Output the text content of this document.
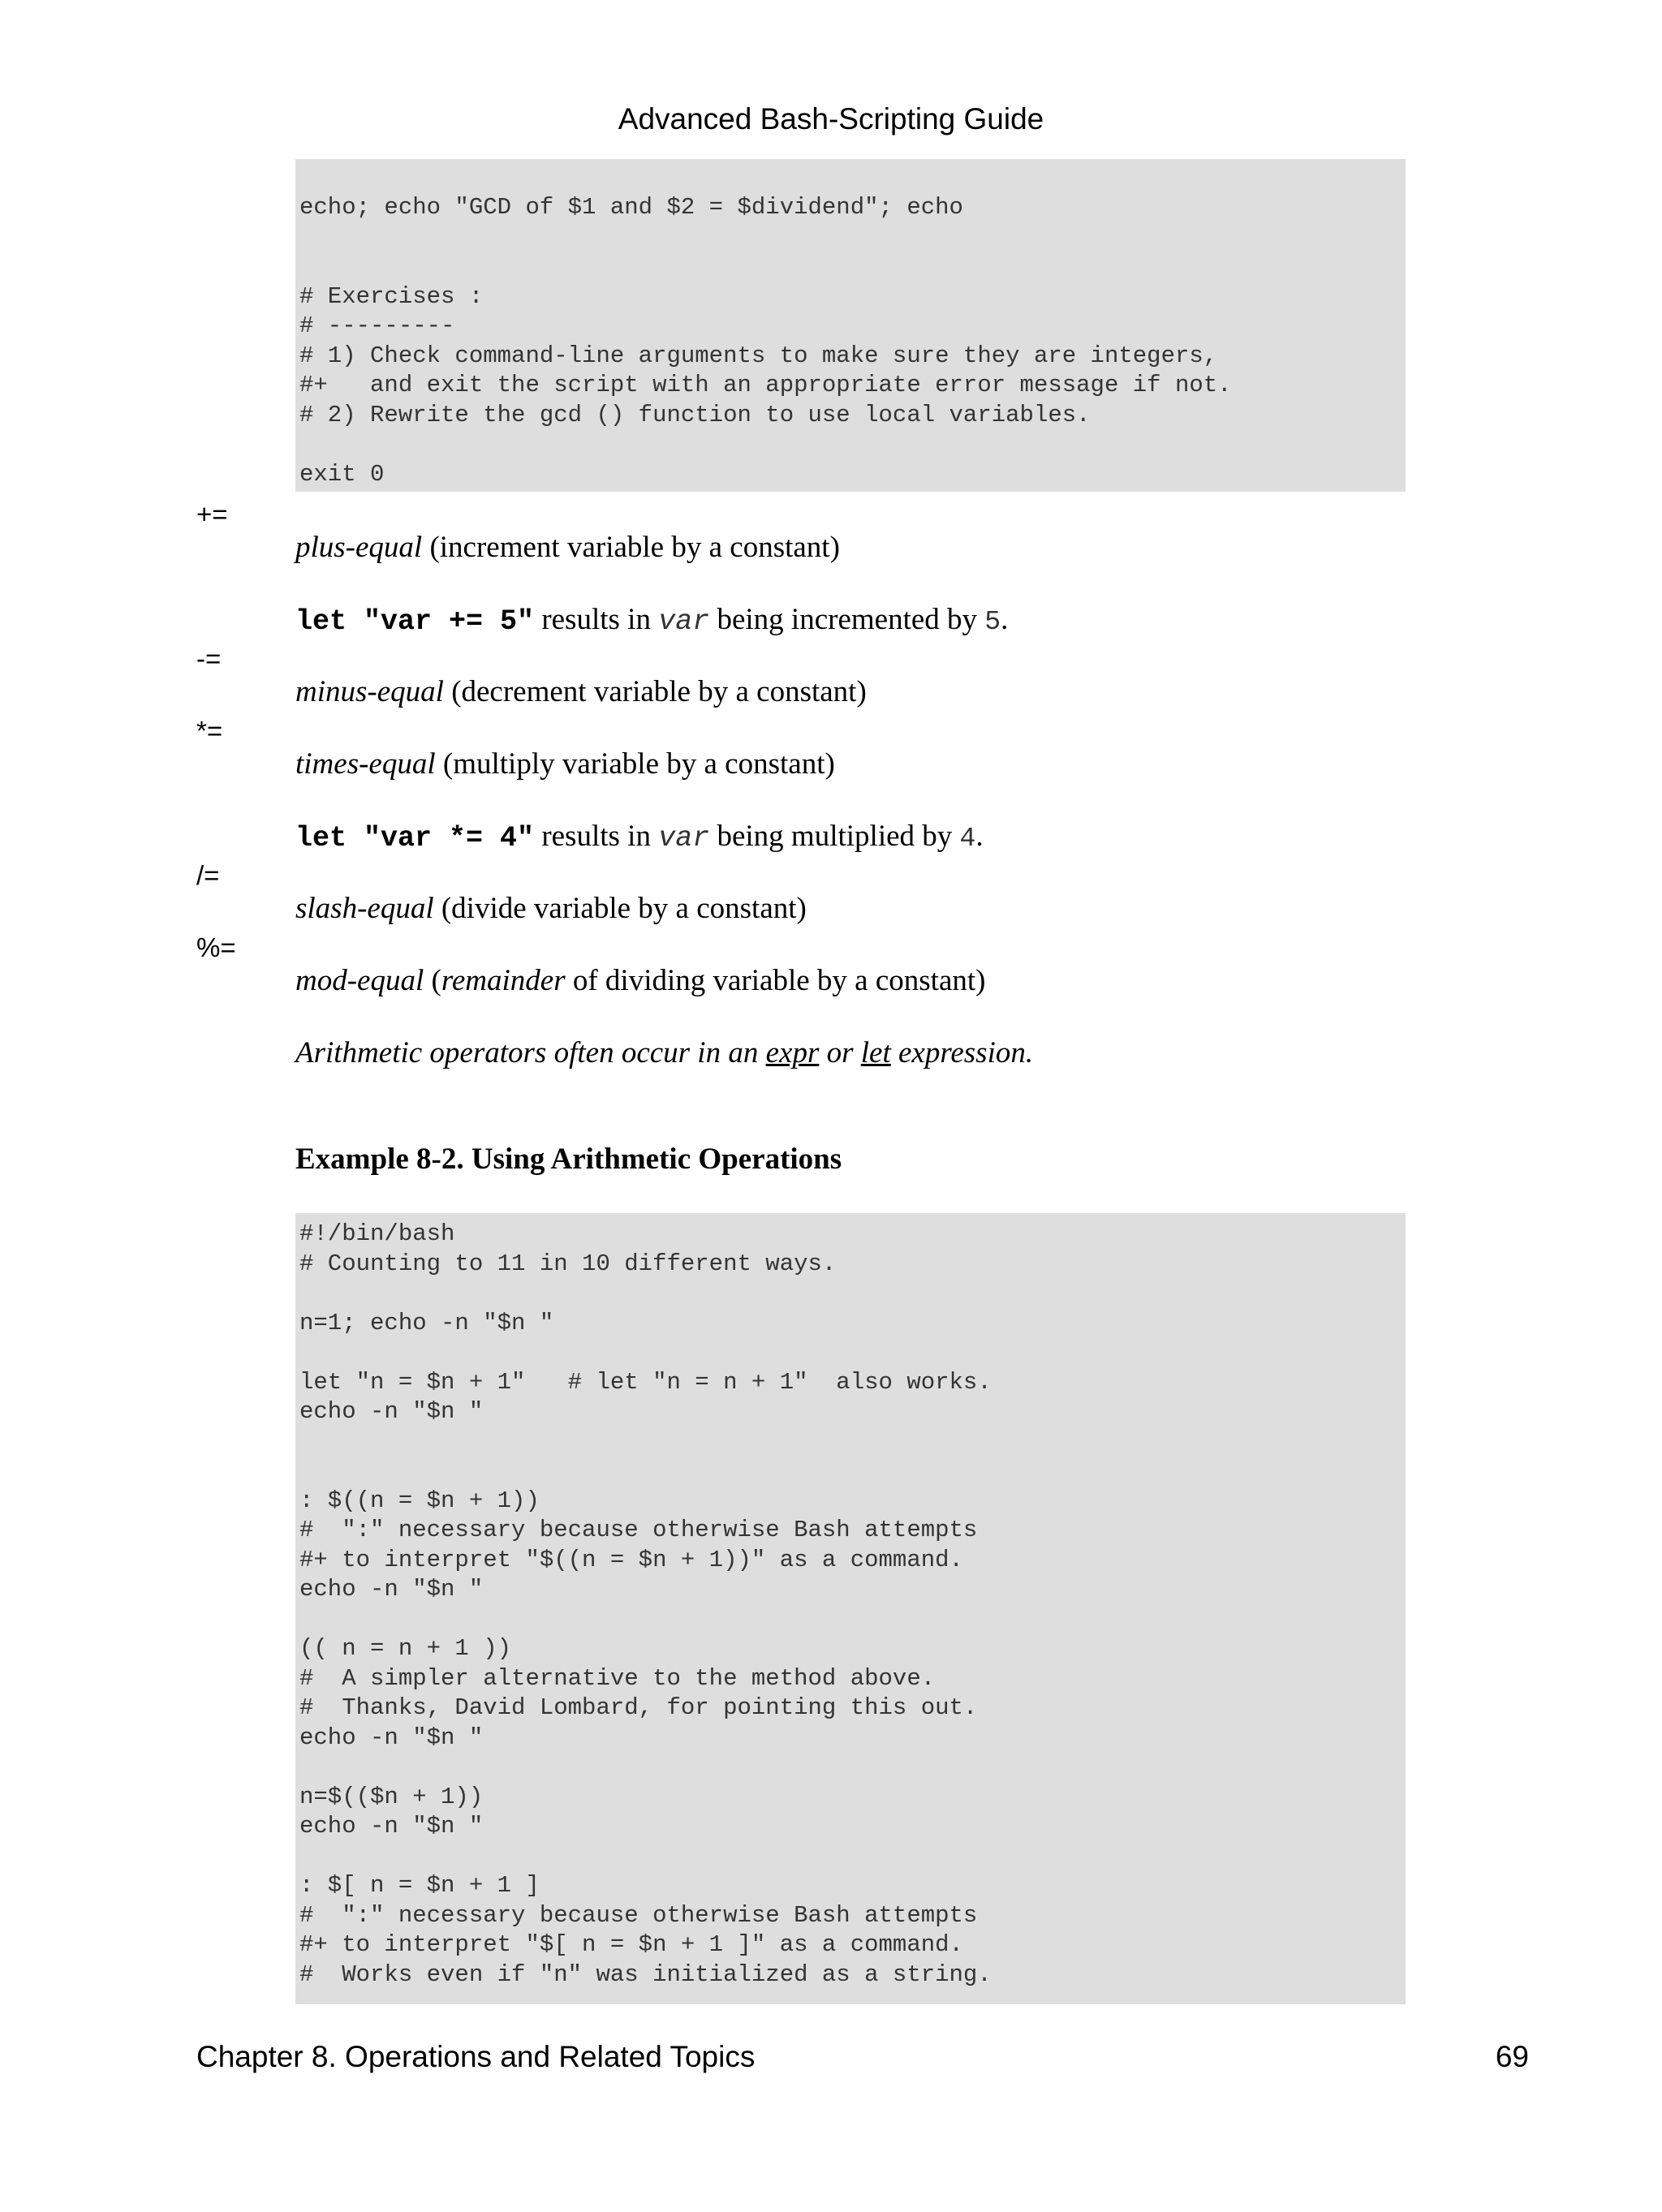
Advanced Bash-Scripting Guide
echo; echo "GCD of $1 and $2 = $dividend"; echo

# Exercises :
# ---------
# 1) Check command-line arguments to make sure they are integers,
#+   and exit the script with an appropriate error message if not.
# 2) Rewrite the gcd () function to use local variables.

exit 0
+=
plus-equal (increment variable by a constant)
let "var += 5" results in var being incremented by 5.
-=
minus-equal (decrement variable by a constant)
*=
times-equal (multiply variable by a constant)
let "var *= 4" results in var being multiplied by 4.
/=
slash-equal (divide variable by a constant)
%=
mod-equal (remainder of dividing variable by a constant)
Arithmetic operators often occur in an expr or let expression.
Example 8-2. Using Arithmetic Operations
#!/bin/bash
# Counting to 11 in 10 different ways.

n=1; echo -n "$n "

let "n = $n + 1"   # let "n = n + 1"  also works.
echo -n "$n "

: $((n = $n + 1))
#  ":" necessary because otherwise Bash attempts
#+ to interpret "$((n = $n + 1))" as a command.
echo -n "$n "

(( n = n + 1 ))
#  A simpler alternative to the method above.
#  Thanks, David Lombard, for pointing this out.
echo -n "$n "

n=$(($n + 1))
echo -n "$n "

: $[ n = $n + 1 ]
#  ":" necessary because otherwise Bash attempts
#+ to interpret "$[ n = $n + 1 ]" as a command.
#  Works even if "n" was initialized as a string.
Chapter 8. Operations and Related Topics	69
